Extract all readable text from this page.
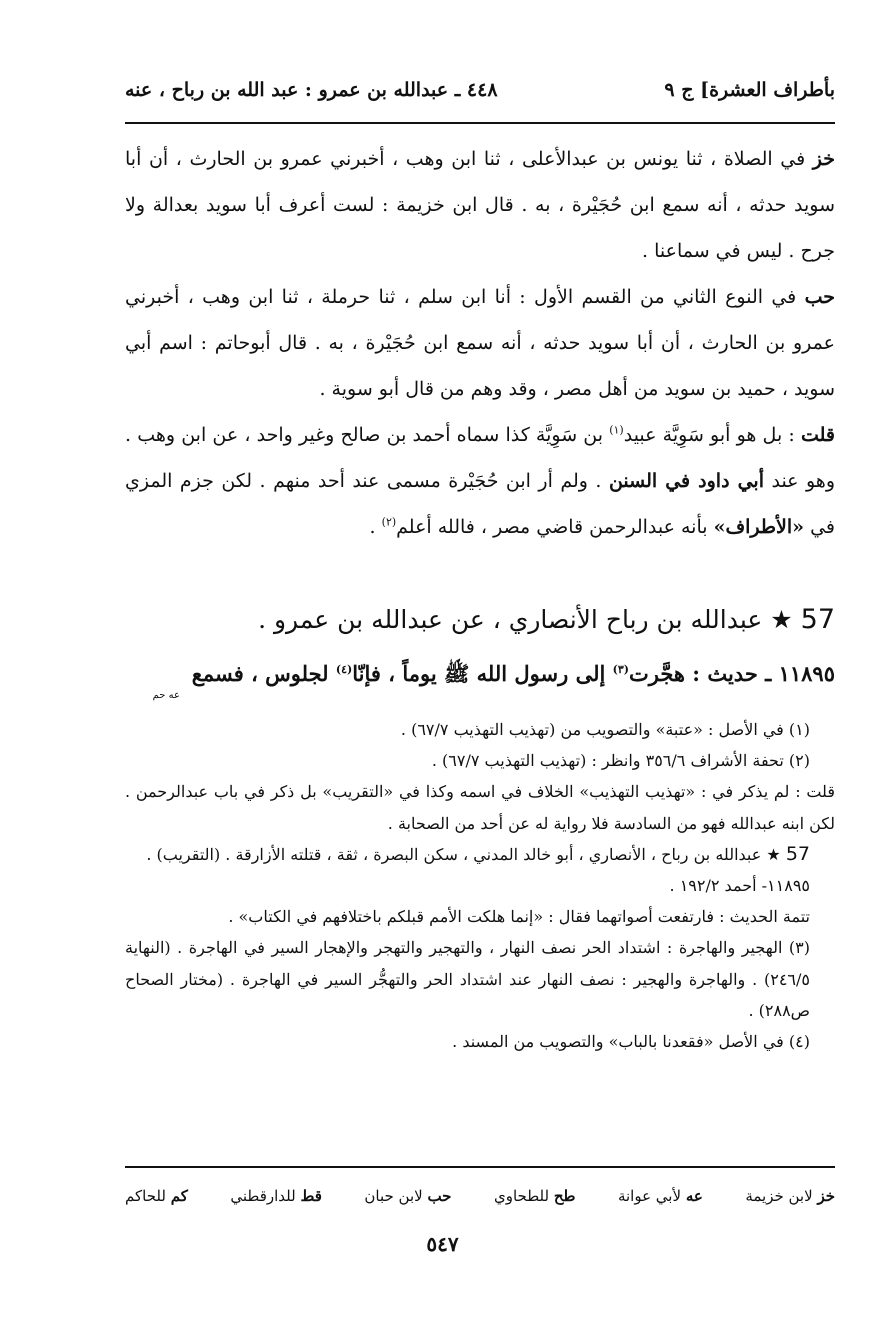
٤٤٨ ـ عبدالله بن عمرو : عبد الله بن رباح ، عنه	بأطراف العشرة] ج ٩

خز في الصلاة ، ثنا يونس بن عبدالأعلى ، ثنا ابن وهب ، أخبرني عمرو بن الحارث ، أن أبا سويد حدثه ، أنه سمع ابن حُجَيْرة ، به . قال ابن خزيمة : لست أعرف أبا سويد بعدالة ولا جرح . ليس في سماعنا .

حب في النوع الثاني من القسم الأول : أنا ابن سلم ، ثنا حرملة ، ثنا ابن وهب ، أخبرني عمرو بن الحارث ، أن أبا سويد حدثه ، أنه سمع ابن حُجَيْرة ، به . قال أبوحاتم : اسم أبي سويد ، حميد بن سويد من أهل مصر ، وقد وهم من قال أبو سوية .

قلت : بل هو أبو سَوِيَّة عبيد$^{(١)}$ بن سَوِيَّة كذا سماه أحمد بن صالح وغير واحد ، عن ابن وهب . وهو عند أبي داود في السنن . ولم أر ابن حُجَيْرة مسمى عند أحد منهم . لكن جزم المزي في «الأطراف» بأنه عبدالرحمن قاضي مصر ، فالله أعلم$^{(٢)}$ .

57 ★ عبدالله بن رباح الأنصاري ، عن عبدالله بن عمرو .
١١٨٩٥ ـ حديث : هجَّرت$^{(٣)}$ إلى رسول الله ﷺ يوماً ، فإنّا$^{(٤)}$ لجلوس ، فسمع
عه حم

(١) في الأصل : «عتبة» والتصويب من (تهذيب التهذيب ٦٧/٧) .

(٢) تحفة الأشراف ٣٥٦/٦ وانظر : (تهذيب التهذيب ٦٧/٧) .

قلت : لم يذكر في : «تهذيب التهذيب» الخلاف في اسمه وكذا في «التقريب» بل ذكر في باب عبدالرحمن . لكن ابنه عبدالله فهو من السادسة فلا رواية له عن أحد من الصحابة .

57 ★ عبدالله بن رباح ، الأنصاري ، أبو خالد المدني ، سكن البصرة ، ثقة ، قتلته الأزارقة . (التقريب) .

١١٨٩٥- أحمد ١٩٢/٢ .

تتمة الحديث : فارتفعت أصواتهما فقال : «إنما هلكت الأمم قبلكم باختلافهم في الكتاب» .

(٣) الهجير والهاجرة : اشتداد الحر نصف النهار ، والتهجير والتهجر والإهجار السير في الهاجرة . (النهاية ٢٤٦/٥) . والهاجرة والهجير : نصف النهار عند اشتداد الحر والتهجُّر السير في الهاجرة . (مختار الصحاح ص٢٨٨) .

(٤) في الأصل «فقعدنا بالباب» والتصويب من المسند .

خز لابن خزيمة
عه لأبي عوانة
طح للطحاوي
حب لابن حبان
قط للدارقطني
كم للحاكم
٥٤٧
